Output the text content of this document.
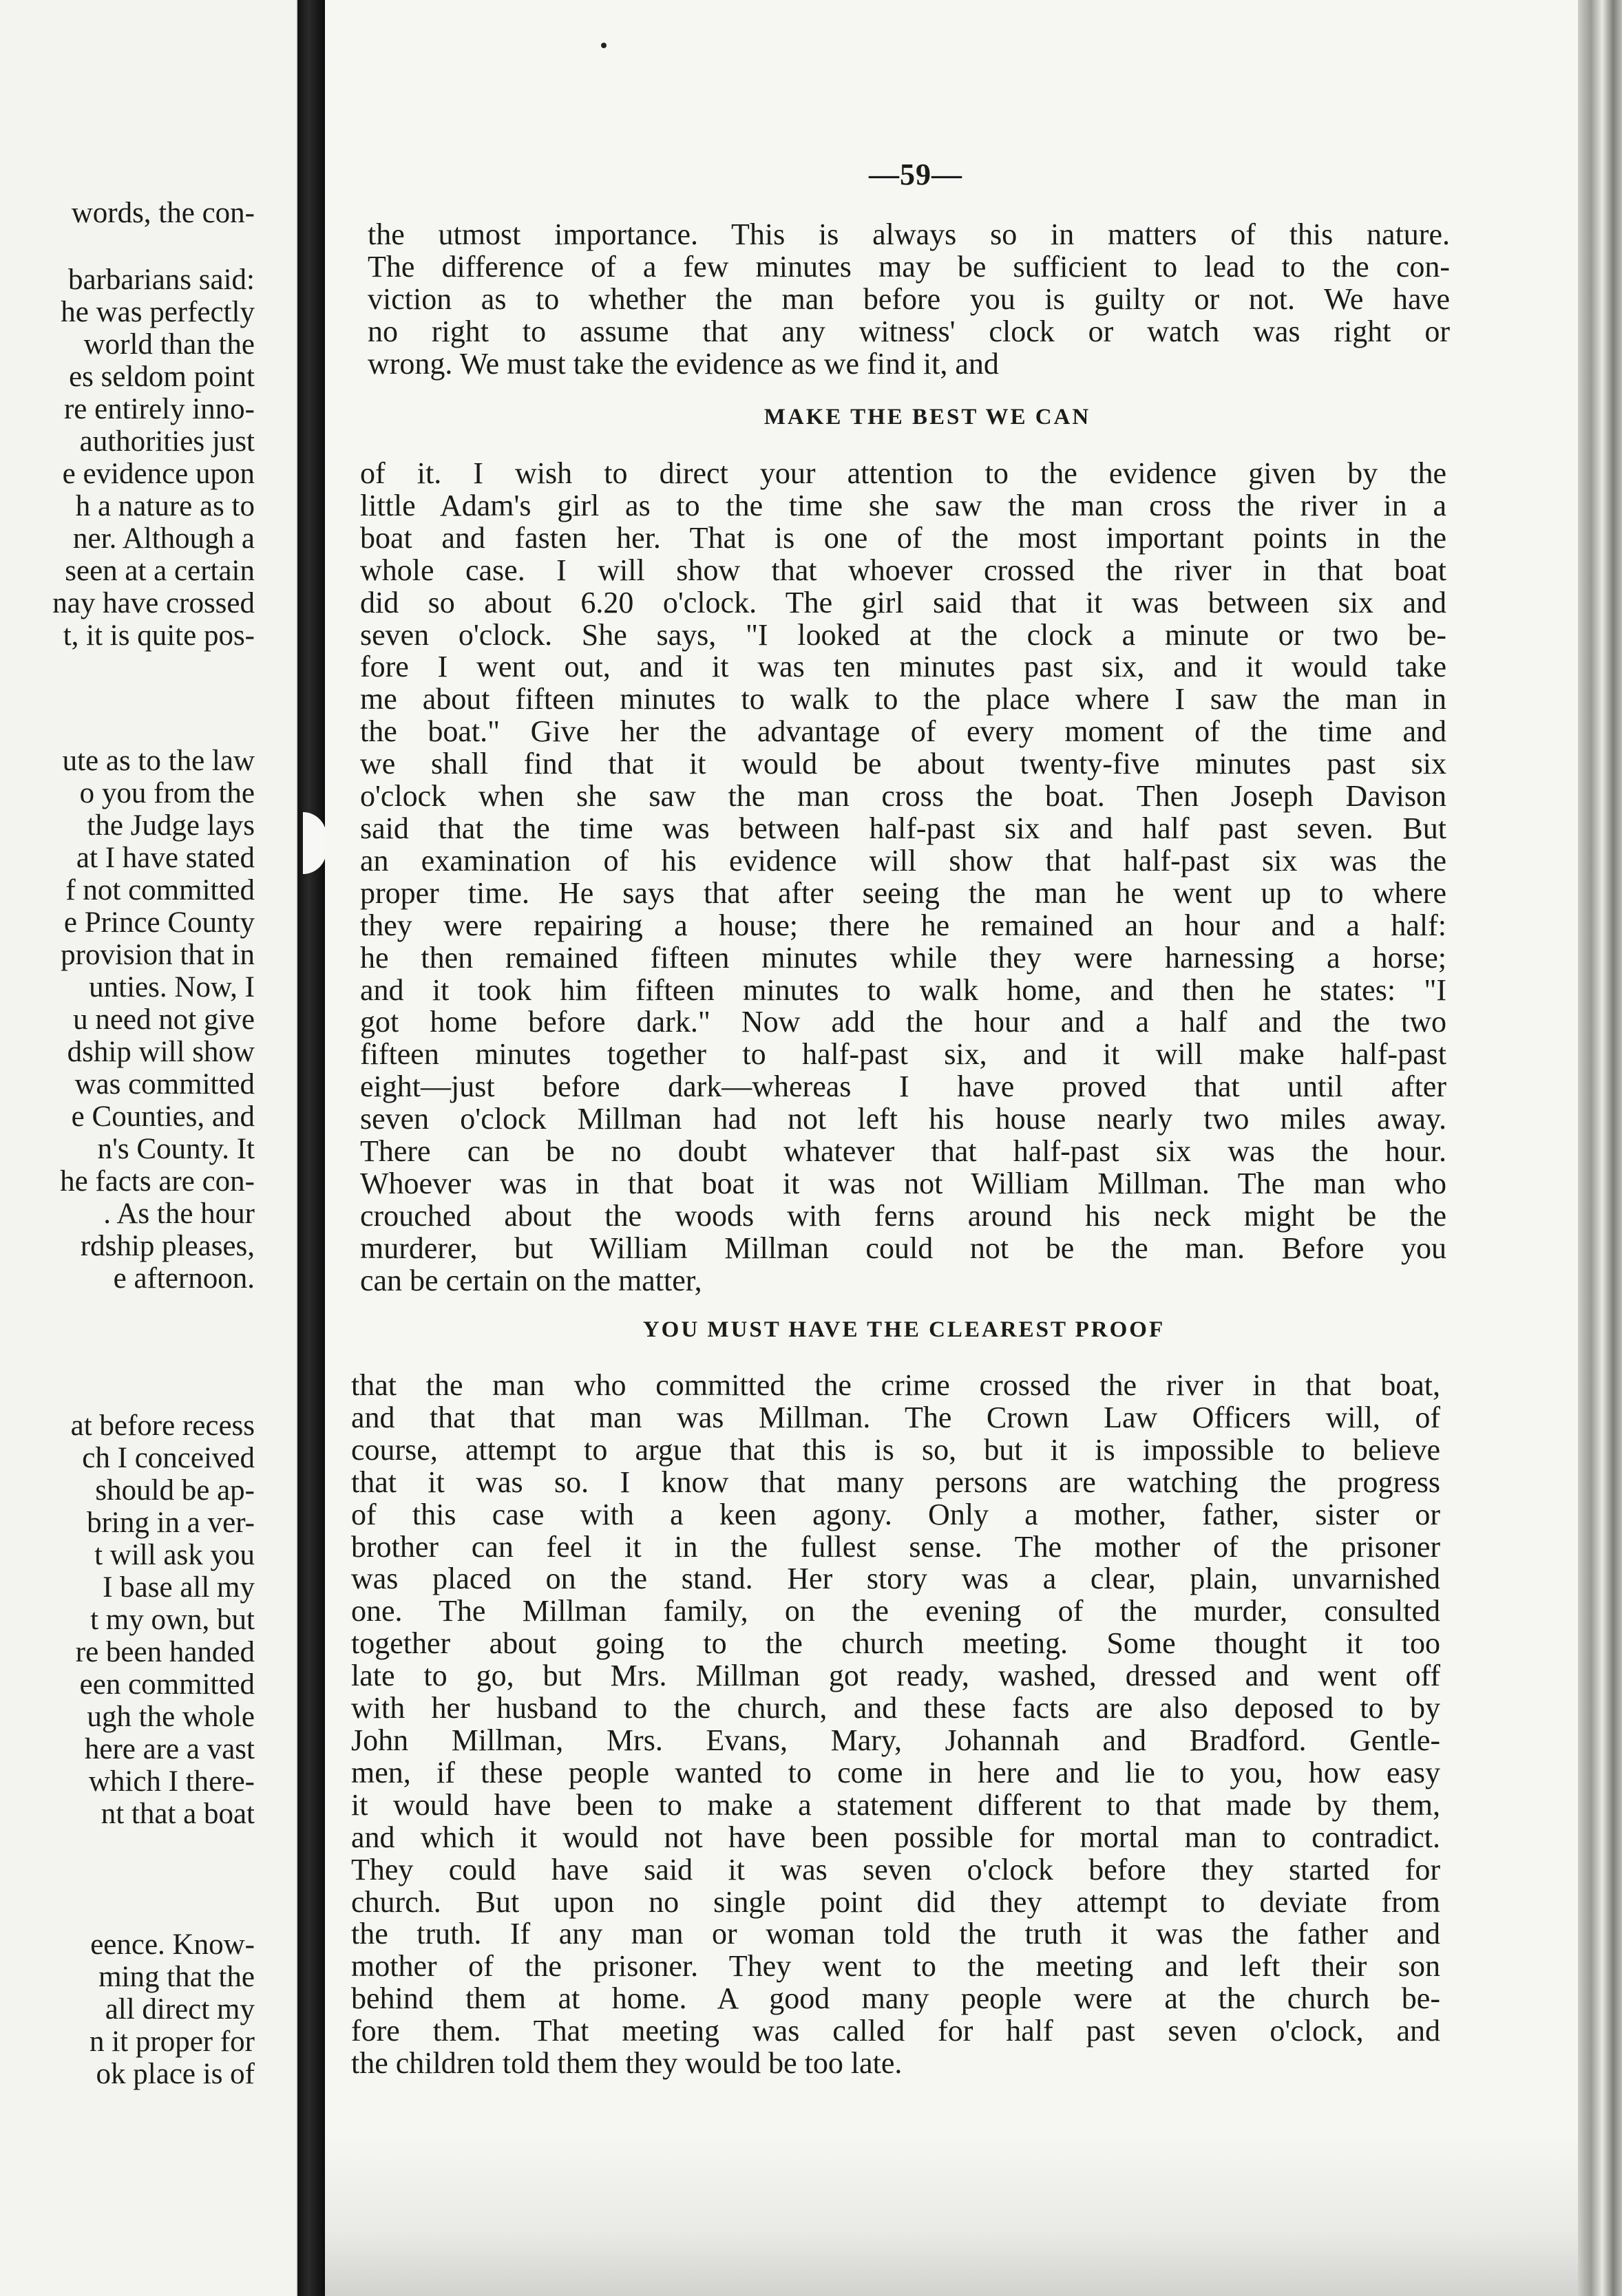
words, the con-
barbarians said:
he was perfectly
world than the
es seldom point
re entirely inno-
authorities just
e evidence upon
h a nature as to
ner. Although a
seen at a certain
nay have crossed
t, it is quite pos-
ute as to the law
o you from the
the Judge lays
at I have stated
f not committed
e Prince County
provision that in
unties. Now, I
u need not give
dship will show
was committed
e Counties, and
n's County. It
he facts are con-
. As the hour
rdship pleases,
e afternoon.
at before recess
ch I conceived
should be ap-
bring in a ver-
t will ask you
I base all my
t my own, but
re been handed
een committed
ugh the whole
here are a vast
which I there-
nt that a boat
eence. Know-
ming that the
all direct my
n it proper for
ok place is of
—59—
the utmost importance. This is always so in matters of this nature.
The difference of a few minutes may be sufficient to lead to the con-
viction as to whether the man before you is guilty or not. We have
no right to assume that any witness' clock or watch was right or
wrong. We must take the evidence as we find it, and
MAKE THE BEST WE CAN
of it. I wish to direct your attention to the evidence given by the
little Adam's girl as to the time she saw the man cross the river in a
boat and fasten her. That is one of the most important points in the
whole case. I will show that whoever crossed the river in that boat
did so about 6.20 o'clock. The girl said that it was between six and
seven o'clock. She says, "I looked at the clock a minute or two be-
fore I went out, and it was ten minutes past six, and it would take
me about fifteen minutes to walk to the place where I saw the man in
the boat." Give her the advantage of every moment of the time and
we shall find that it would be about twenty-five minutes past six
o'clock when she saw the man cross the boat. Then Joseph Davison
said that the time was between half-past six and half past seven. But
an examination of his evidence will show that half-past six was the
proper time. He says that after seeing the man he went up to where
they were repairing a house; there he remained an hour and a half:
he then remained fifteen minutes while they were harnessing a horse;
and it took him fifteen minutes to walk home, and then he states: "I
got home before dark." Now add the hour and a half and the two
fifteen minutes together to half-past six, and it will make half-past
eight—just before dark—whereas I have proved that until after
seven o'clock Millman had not left his house nearly two miles away.
There can be no doubt whatever that half-past six was the hour.
Whoever was in that boat it was not William Millman. The man who
crouched about the woods with ferns around his neck might be the
murderer, but William Millman could not be the man. Before you
can be certain on the matter,
YOU MUST HAVE THE CLEAREST PROOF
that the man who committed the crime crossed the river in that boat,
and that that man was Millman. The Crown Law Officers will, of
course, attempt to argue that this is so, but it is impossible to believe
that it was so. I know that many persons are watching the progress
of this case with a keen agony. Only a mother, father, sister or
brother can feel it in the fullest sense. The mother of the prisoner
was placed on the stand. Her story was a clear, plain, unvarnished
one. The Millman family, on the evening of the murder, consulted
together about going to the church meeting. Some thought it too
late to go, but Mrs. Millman got ready, washed, dressed and went off
with her husband to the church, and these facts are also deposed to by
John Millman, Mrs. Evans, Mary, Johannah and Bradford. Gentle-
men, if these people wanted to come in here and lie to you, how easy
it would have been to make a statement different to that made by them,
and which it would not have been possible for mortal man to contradict.
They could have said it was seven o'clock before they started for
church. But upon no single point did they attempt to deviate from
the truth. If any man or woman told the truth it was the father and
mother of the prisoner. They went to the meeting and left their son
behind them at home. A good many people were at the church be-
fore them. That meeting was called for half past seven o'clock, and
the children told them they would be too late.
